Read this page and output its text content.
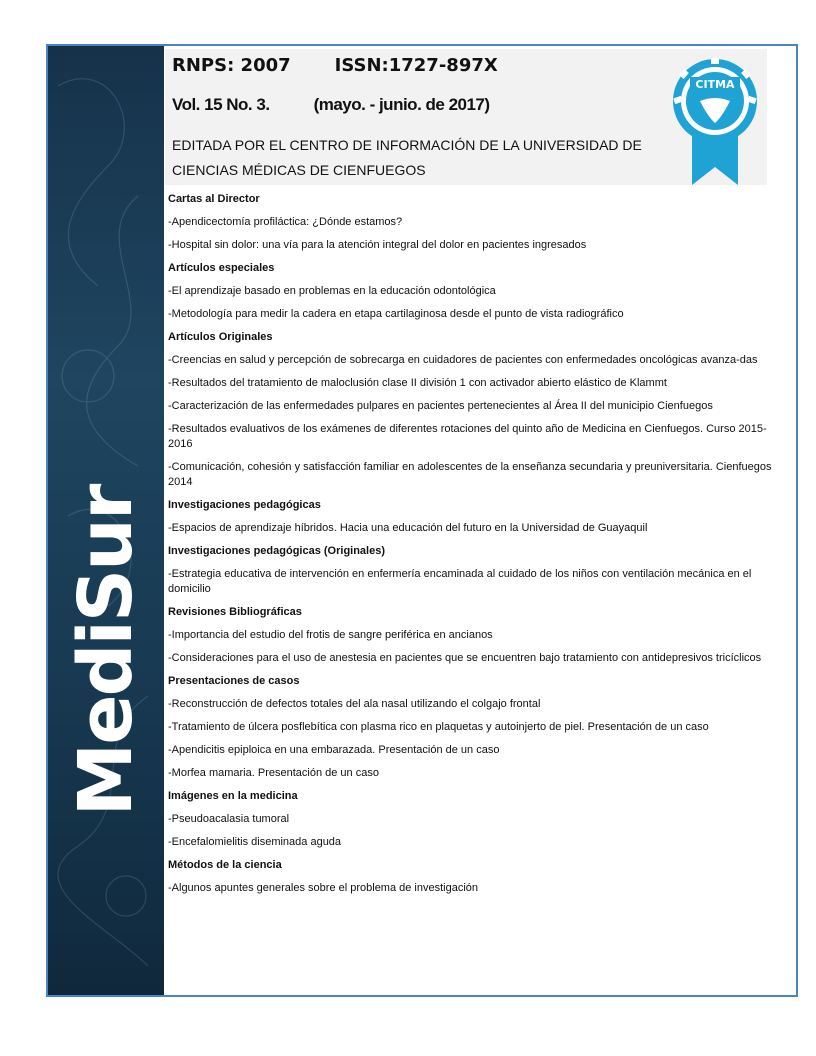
MediSur
RNPS: 2007 ISSN:1727-897X
Vol. 15 No. 3.	(mayo. - junio. de 2017)
EDITADA POR EL CENTRO DE INFORMACIÓN DE LA UNIVERSIDAD DE
CIENCIAS MÉDICAS DE CIENFUEGOS
CITMA
Cartas al Director
-Apendicectomía profiláctica: ¿Dónde estamos?
-Hospital sin dolor: una vía para la atención integral del dolor en pacientes ingresados
Artículos especiales
-El aprendizaje basado en problemas en la educación odontológica
-Metodología para medir la cadera en etapa cartilaginosa desde el punto de vista radiográfico
Artículos Originales
-Creencias en salud y percepción de sobrecarga en cuidadores de pacientes con enfermedades oncológicas avanza-das
-Resultados del tratamiento de maloclusión clase II división 1 con activador abierto elástico de Klammt
-Caracterización de las enfermedades pulpares en pacientes pertenecientes al Área II del municipio Cienfuegos
-Resultados evaluativos de los exámenes de diferentes rotaciones del quinto año de Medicina en Cienfuegos. Curso 2015- 2016
-Comunicación, cohesión y satisfacción familiar en adolescentes de la enseñanza secundaria y preuniversitaria. Cienfuegos 2014
Investigaciones pedagógicas
-Espacios de aprendizaje híbridos. Hacia una educación del futuro en la Universidad de Guayaquil
Investigaciones pedagógicas (Originales)
-Estrategia educativa de intervención en enfermería encaminada al cuidado de los niños con ventilación mecánica en el domicilio
Revisiones Bibliográficas
-Importancia del estudio del frotis de sangre periférica en ancianos
-Consideraciones para el uso de anestesia en pacientes que se encuentren bajo tratamiento con antidepresivos tricíclicos
Presentaciones de casos
-Reconstrucción de defectos totales del ala nasal utilizando el colgajo frontal
-Tratamiento de úlcera posflebítica con plasma rico en plaquetas y autoinjerto de piel. Presentación de un caso
-Apendicitis epiploica en una embarazada. Presentación de un caso
-Morfea mamaria. Presentación de un caso
Imágenes en la medicina
-Pseudoacalasia tumoral
-Encefalomielitis diseminada aguda
Métodos de la ciencia
-Algunos apuntes generales sobre el problema de investigación
